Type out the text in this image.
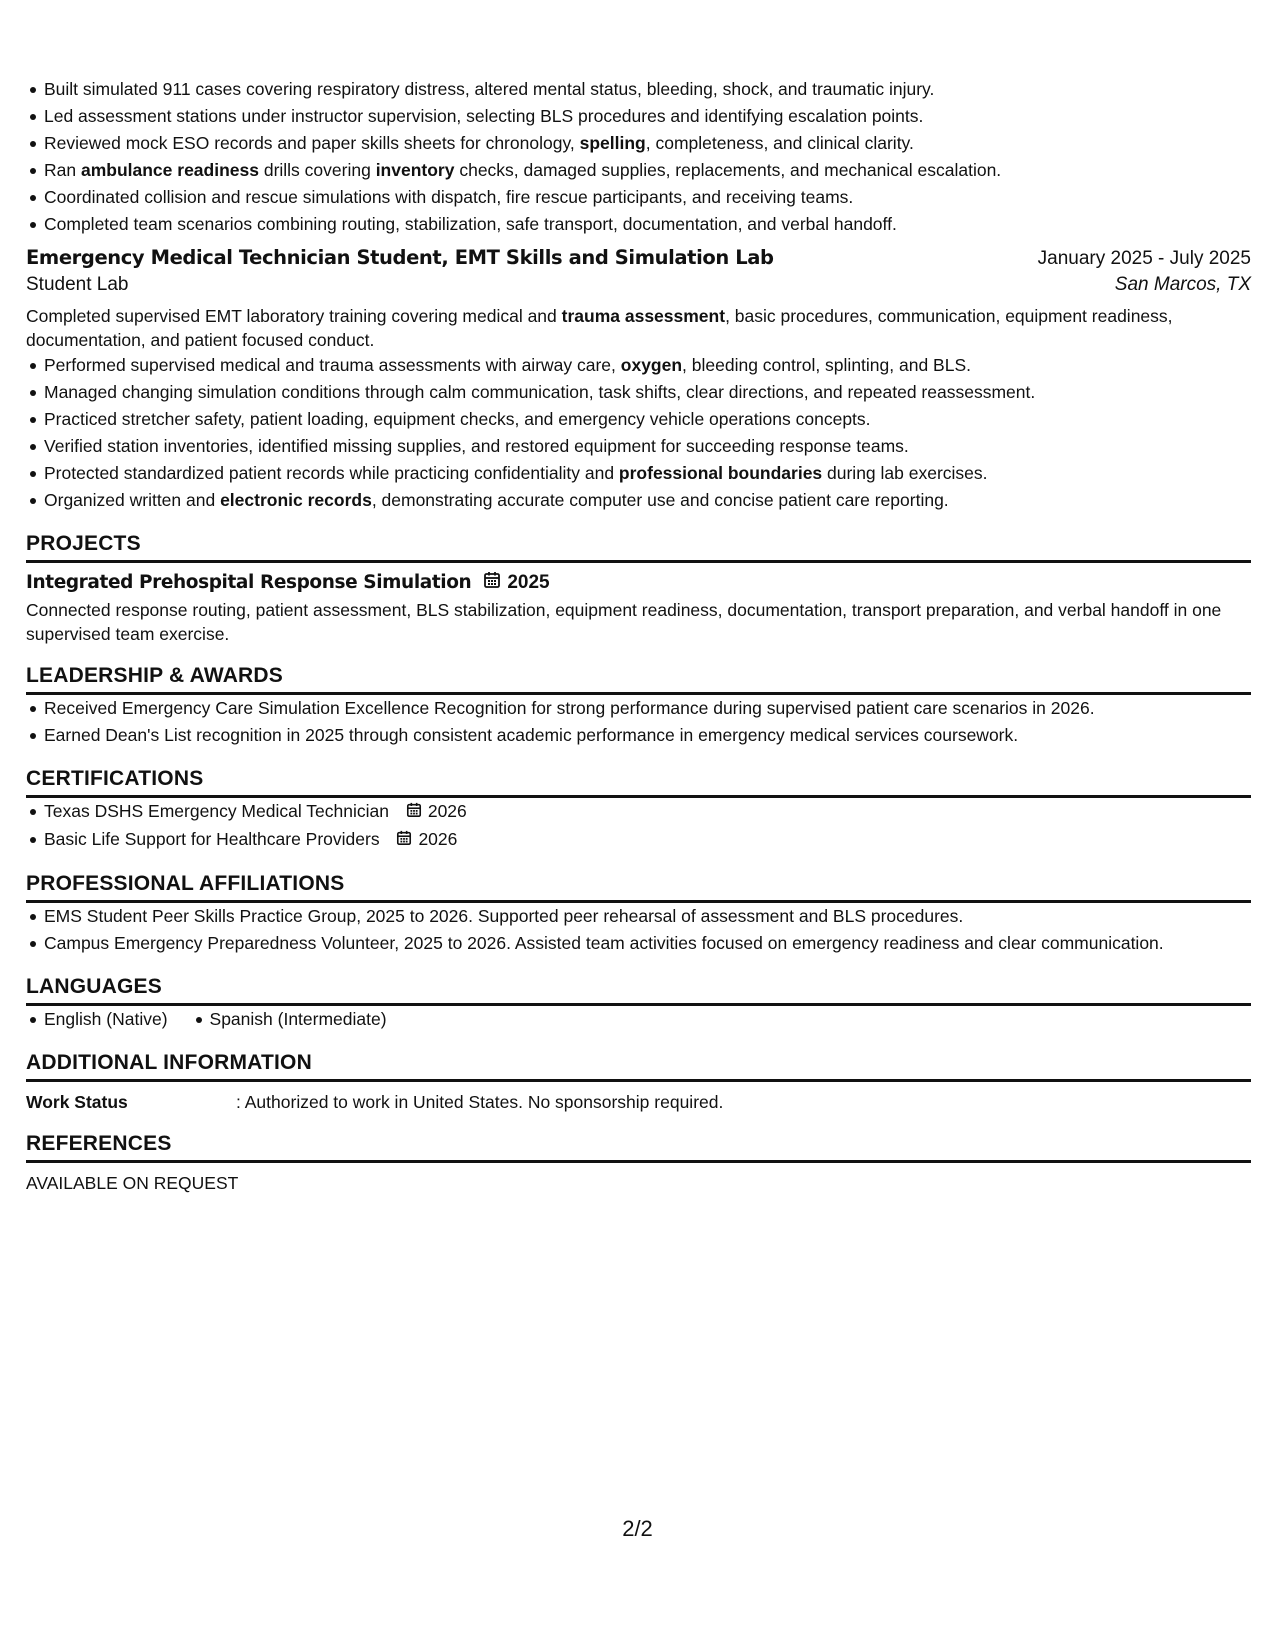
Built simulated 911 cases covering respiratory distress, altered mental status, bleeding, shock, and traumatic injury.
Led assessment stations under instructor supervision, selecting BLS procedures and identifying escalation points.
Reviewed mock ESO records and paper skills sheets for chronology, spelling, completeness, and clinical clarity.
Ran ambulance readiness drills covering inventory checks, damaged supplies, replacements, and mechanical escalation.
Coordinated collision and rescue simulations with dispatch, fire rescue participants, and receiving teams.
Completed team scenarios combining routing, stabilization, safe transport, documentation, and verbal handoff.
Emergency Medical Technician Student, EMT Skills and Simulation Lab	January 2025 - July 2025
Student Lab	San Marcos, TX
Completed supervised EMT laboratory training covering medical and trauma assessment, basic procedures, communication, equipment readiness, documentation, and patient focused conduct.
Performed supervised medical and trauma assessments with airway care, oxygen, bleeding control, splinting, and BLS.
Managed changing simulation conditions through calm communication, task shifts, clear directions, and repeated reassessment.
Practiced stretcher safety, patient loading, equipment checks, and emergency vehicle operations concepts.
Verified station inventories, identified missing supplies, and restored equipment for succeeding response teams.
Protected standardized patient records while practicing confidentiality and professional boundaries during lab exercises.
Organized written and electronic records, demonstrating accurate computer use and concise patient care reporting.
PROJECTS
Integrated Prehospital Response Simulation 2025
Connected response routing, patient assessment, BLS stabilization, equipment readiness, documentation, transport preparation, and verbal handoff in one supervised team exercise.
LEADERSHIP & AWARDS
Received Emergency Care Simulation Excellence Recognition for strong performance during supervised patient care scenarios in 2026.
Earned Dean's List recognition in 2025 through consistent academic performance in emergency medical services coursework.
CERTIFICATIONS
Texas DSHS Emergency Medical Technician 2026
Basic Life Support for Healthcare Providers 2026
PROFESSIONAL AFFILIATIONS
EMS Student Peer Skills Practice Group, 2025 to 2026. Supported peer rehearsal of assessment and BLS procedures.
Campus Emergency Preparedness Volunteer, 2025 to 2026. Assisted team activities focused on emergency readiness and clear communication.
LANGUAGES
English (Native)	Spanish (Intermediate)
ADDITIONAL INFORMATION
Work Status	: Authorized to work in United States. No sponsorship required.
REFERENCES
AVAILABLE ON REQUEST
2/2
